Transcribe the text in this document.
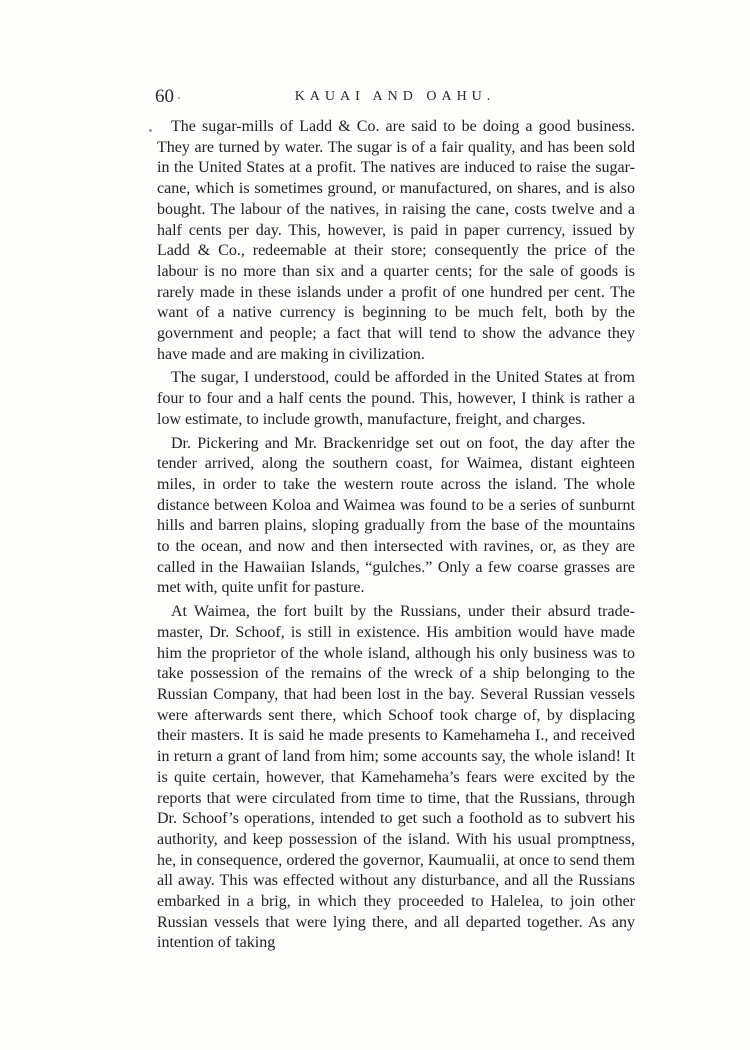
60	KAUAI AND OAHU.

The sugar-mills of Ladd & Co. are said to be doing a good business. They are turned by water. The sugar is of a fair quality, and has been sold in the United States at a profit. The natives are induced to raise the sugar-cane, which is sometimes ground, or manufactured, on shares, and is also bought. The labour of the natives, in raising the cane, costs twelve and a half cents per day. This, however, is paid in paper currency, issued by Ladd & Co., redeemable at their store; consequently the price of the labour is no more than six and a quarter cents; for the sale of goods is rarely made in these islands under a profit of one hundred per cent. The want of a native currency is beginning to be much felt, both by the government and people; a fact that will tend to show the advance they have made and are making in civilization.

The sugar, I understood, could be afforded in the United States at from four to four and a half cents the pound. This, however, I think is rather a low estimate, to include growth, manufacture, freight, and charges.

Dr. Pickering and Mr. Brackenridge set out on foot, the day after the tender arrived, along the southern coast, for Waimea, distant eighteen miles, in order to take the western route across the island. The whole distance between Koloa and Waimea was found to be a series of sunburnt hills and barren plains, sloping gradually from the base of the mountains to the ocean, and now and then intersected with ravines, or, as they are called in the Hawaiian Islands, “gulches.” Only a few coarse grasses are met with, quite unfit for pasture.

At Waimea, the fort built by the Russians, under their absurd trade-master, Dr. Schoof, is still in existence. His ambition would have made him the proprietor of the whole island, although his only business was to take possession of the remains of the wreck of a ship belonging to the Russian Company, that had been lost in the bay. Several Russian vessels were afterwards sent there, which Schoof took charge of, by displacing their masters. It is said he made presents to Kamehameha I., and received in return a grant of land from him; some accounts say, the whole island! It is quite certain, however, that Kamehameha’s fears were excited by the reports that were circulated from time to time, that the Russians, through Dr. Schoof’s operations, intended to get such a foothold as to subvert his authority, and keep possession of the island. With his usual promptness, he, in consequence, ordered the governor, Kaumualii, at once to send them all away. This was effected without any disturbance, and all the Russians embarked in a brig, in which they proceeded to Halelea, to join other Russian vessels that were lying there, and all departed together. As any intention of taking
